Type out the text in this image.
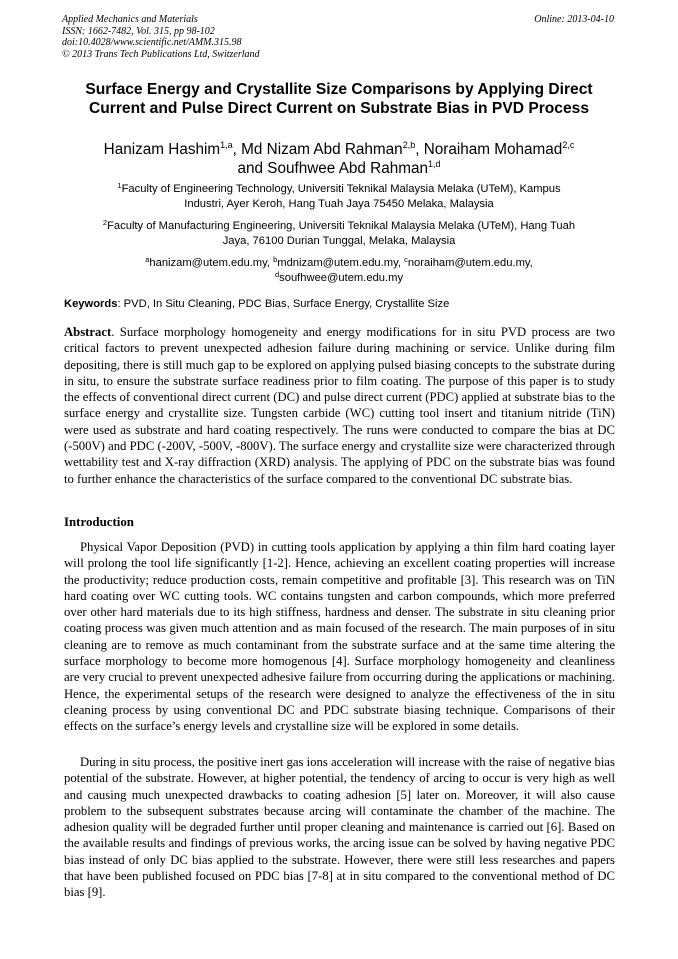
Applied Mechanics and Materials
ISSN: 1662-7482, Vol. 315, pp 98-102
doi:10.4028/www.scientific.net/AMM.315.98
© 2013 Trans Tech Publications Ltd, Switzerland
Online: 2013-04-10
Surface Energy and Crystallite Size Comparisons by Applying Direct
Current and Pulse Direct Current on Substrate Bias in PVD Process
Hanizam Hashim$^{1,a}$, Md Nizam Abd Rahman$^{2,b}$, Noraiham Mohamad$^{2,c}$
and Soufhwee Abd Rahman$^{1,d}$
$^1$Faculty of Engineering Technology, Universiti Teknikal Malaysia Melaka (UTeM), Kampus
Industri, Ayer Keroh, Hang Tuah Jaya 75450 Melaka, Malaysia
$^2$Faculty of Manufacturing Engineering, Universiti Teknikal Malaysia Melaka (UTeM), Hang Tuah
Jaya, 76100 Durian Tunggal, Melaka, Malaysia
$^a$hanizam@utem.edu.my, $^b$mdnizam@utem.edu.my, $^c$noraiham@utem.edu.my,
$^d$soufhwee@utem.edu.my
Keywords: PVD, In Situ Cleaning, PDC Bias, Surface Energy, Crystallite Size
Abstract. Surface morphology homogeneity and energy modifications for in situ PVD process are two critical factors to prevent unexpected adhesion failure during machining or service. Unlike during film depositing, there is still much gap to be explored on applying pulsed biasing concepts to the substrate during in situ, to ensure the substrate surface readiness prior to film coating. The purpose of this paper is to study the effects of conventional direct current (DC) and pulse direct current (PDC) applied at substrate bias to the surface energy and crystallite size. Tungsten carbide (WC) cutting tool insert and titanium nitride (TiN) were used as substrate and hard coating respectively. The runs were conducted to compare the bias at DC (-500V) and PDC (-200V, -500V, -800V). The surface energy and crystallite size were characterized through wettability test and X-ray diffraction (XRD) analysis. The applying of PDC on the substrate bias was found to further enhance the characteristics of the surface compared to the conventional DC substrate bias.
Introduction
Physical Vapor Deposition (PVD) in cutting tools application by applying a thin film hard coating layer will prolong the tool life significantly [1-2]. Hence, achieving an excellent coating properties will increase the productivity; reduce production costs, remain competitive and profitable [3]. This research was on TiN hard coating over WC cutting tools. WC contains tungsten and carbon compounds, which more preferred over other hard materials due to its high stiffness, hardness and denser. The substrate in situ cleaning prior coating process was given much attention and as main focused of the research. The main purposes of in situ cleaning are to remove as much contaminant from the substrate surface and at the same time altering the surface morphology to become more homogenous [4]. Surface morphology homogeneity and cleanliness are very crucial to prevent unexpected adhesive failure from occurring during the applications or machining. Hence, the experimental setups of the research were designed to analyze the effectiveness of the in situ cleaning process by using conventional DC and PDC substrate biasing technique. Comparisons of their effects on the surface’s energy levels and crystalline size will be explored in some details.
During in situ process, the positive inert gas ions acceleration will increase with the raise of negative bias potential of the substrate. However, at higher potential, the tendency of arcing to occur is very high as well and causing much unexpected drawbacks to coating adhesion [5] later on. Moreover, it will also cause problem to the subsequent substrates because arcing will contaminate the chamber of the machine. The adhesion quality will be degraded further until proper cleaning and maintenance is carried out [6]. Based on the available results and findings of previous works, the arcing issue can be solved by having negative PDC bias instead of only DC bias applied to the substrate. However, there were still less researches and papers that have been published focused on PDC bias [7-8] at in situ compared to the conventional method of DC bias [9].
